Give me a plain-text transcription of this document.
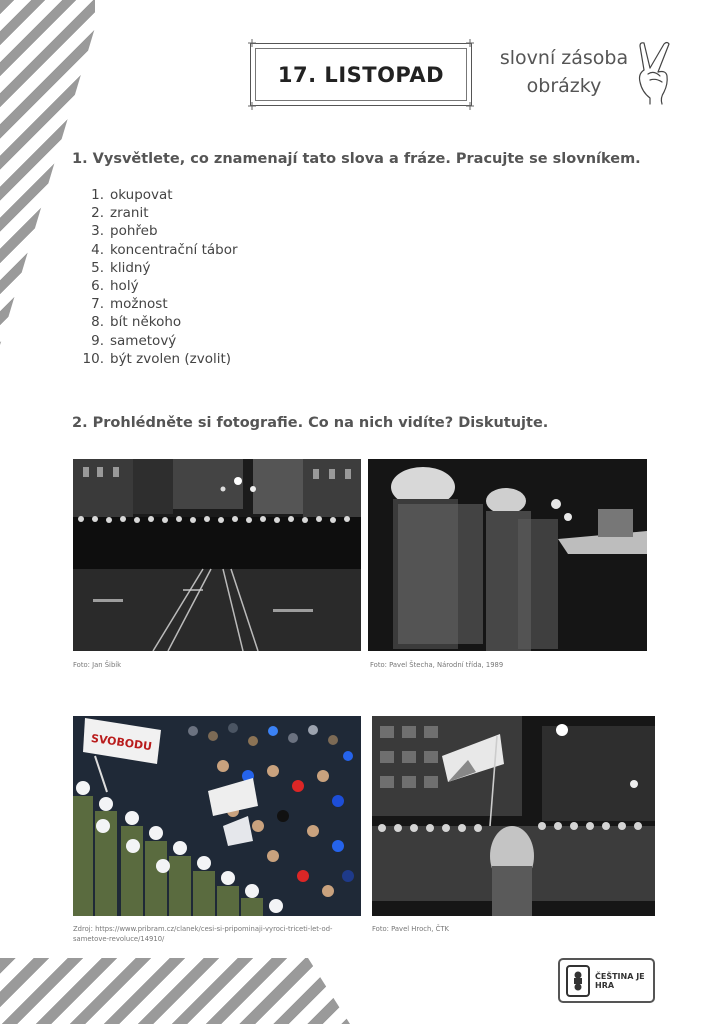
17. LISTOPAD
slovní zásoba
obrázky
1. Vysvětlete, co znamenají tato slova a fráze. Pracujte se slovníkem.
1. okupovat
2. zranit
3. pohřeb
4. koncentrační tábor
5. klidný
6. holý
7. možnost
8. bít někoho
9. sametový
10. být zvolen (zvolit)
2. Prohlédněte si fotografie. Co na nich vidíte? Diskutujte.
Foto: Jan Šibík	Foto: Pavel Štecha, Národní třída, 1989
SVOBODU
Zdroj: https://www.pribram.cz/clanek/cesi-si-pripominaji-vyroci-triceti-let-od-
sametove-revoluce/14910/
Foto: Pavel Hroch, ČTK
ČEŠTINA JE HRA
